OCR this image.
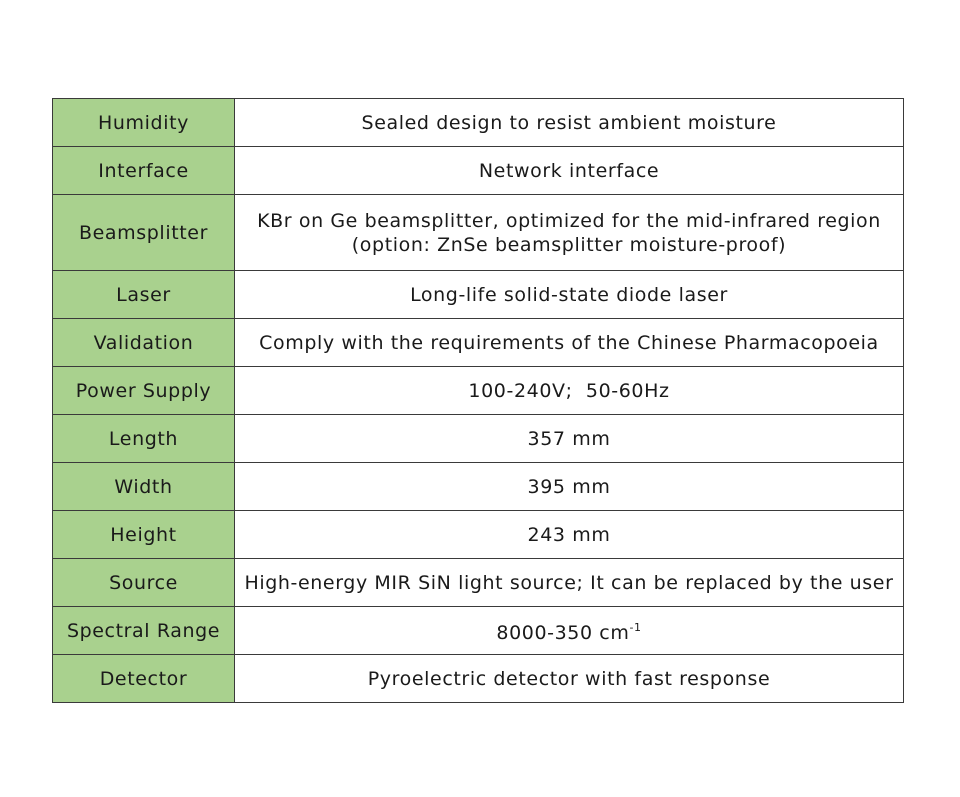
Humidity	Sealed design to resist ambient moisture
Interface	Network interface
Beamsplitter	KBr on Ge beamsplitter, optimized for the mid-infrared region
(option: ZnSe beamsplitter moisture-proof)

Laser	Long-life solid-state diode laser
Validation	Comply with the requirements of the Chinese Pharmacopoeia
Power Supply	100-240V;  50-60Hz
Length	357 mm
Width	395 mm
Height	243 mm
Source	High-energy MIR SiN light source; It can be replaced by the user
Spectral Range	8000-350 $cm^{-1}$
Detector	Pyroelectric detector with fast response
